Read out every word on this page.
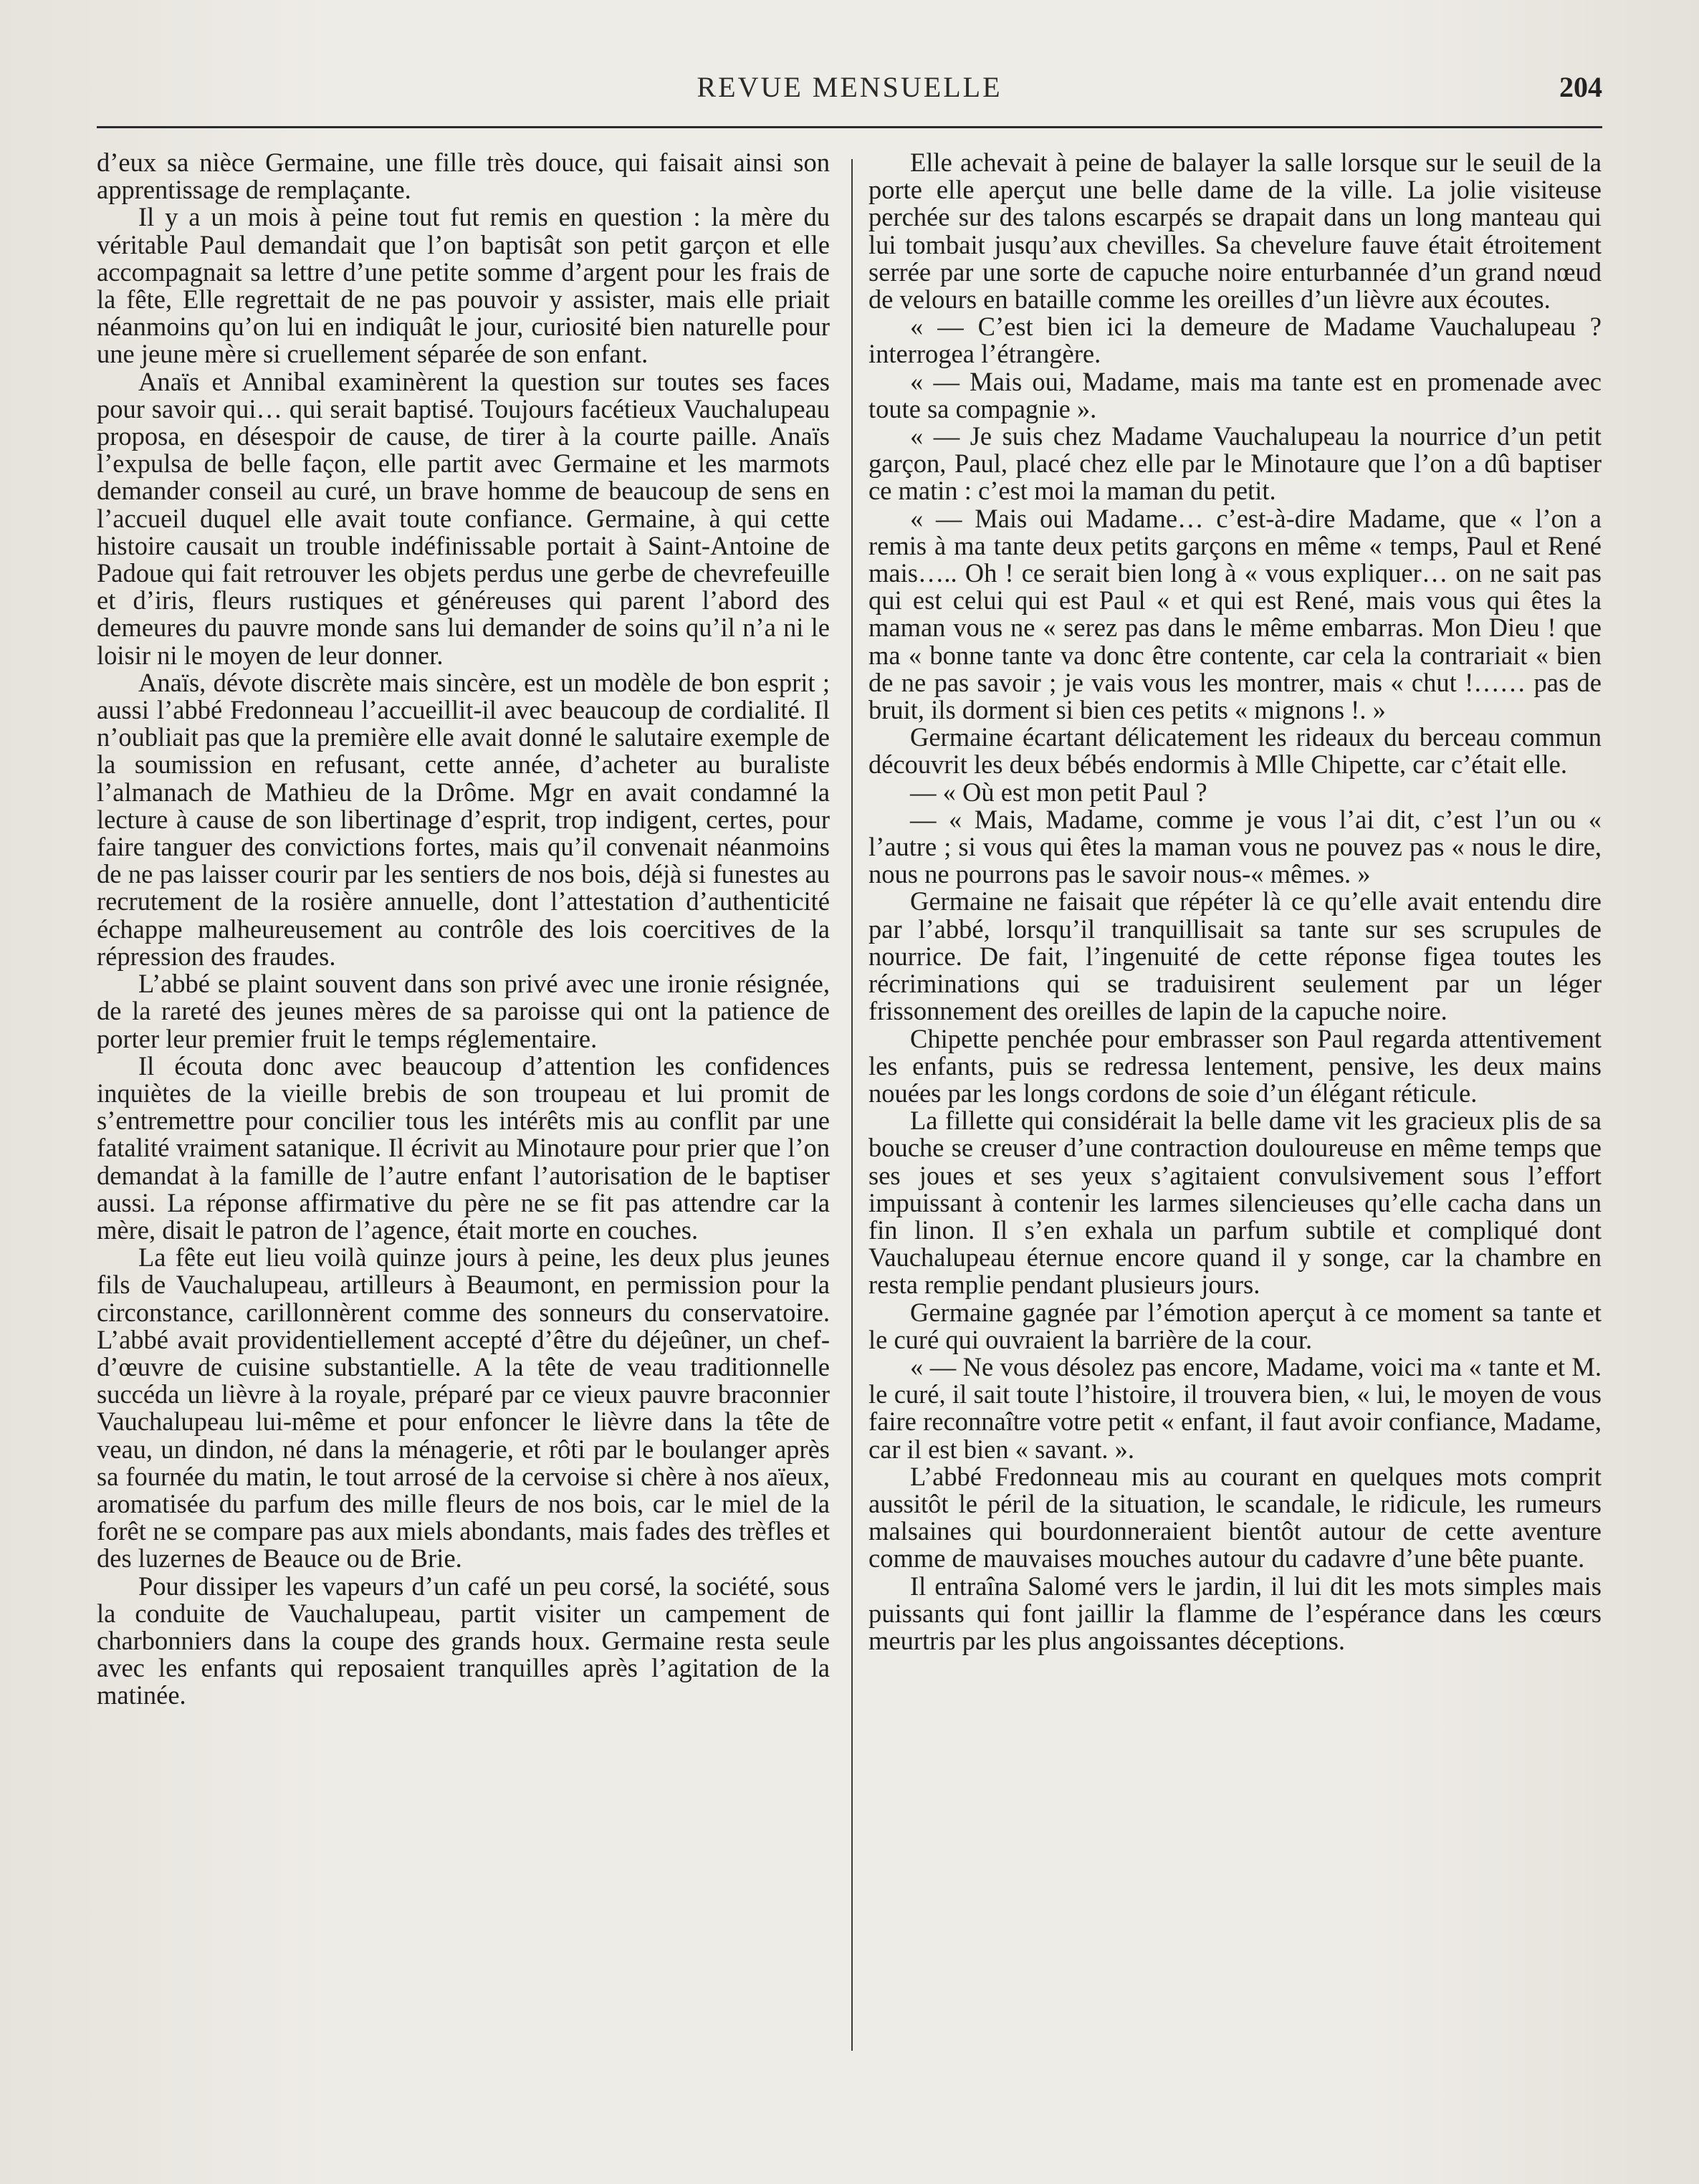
REVUE MENSUELLE	204

d’eux sa nièce Germaine, une fille très douce, qui faisait ainsi son apprentissage de remplaçante.

Il y a un mois à peine tout fut remis en question : la mère du véritable Paul demandait que l’on baptisât son petit garçon et elle accompagnait sa lettre d’une petite somme d’argent pour les frais de la fête, Elle regrettait de ne pas pouvoir y assister, mais elle priait néanmoins qu’on lui en indiquât le jour, curiosité bien naturelle pour une jeune mère si cruellement séparée de son enfant.

Anaïs et Annibal examinèrent la question sur toutes ses faces pour savoir qui… qui serait baptisé. Toujours facétieux Vauchalupeau proposa, en désespoir de cause, de tirer à la courte paille. Anaïs l’expulsa de belle façon, elle partit avec Germaine et les marmots demander conseil au curé, un brave homme de beaucoup de sens en l’accueil duquel elle avait toute confiance. Germaine, à qui cette histoire causait un trouble indéfinissable portait à Saint-Antoine de Padoue qui fait retrouver les objets perdus une gerbe de chevrefeuille et d’iris, fleurs rustiques et généreuses qui parent l’abord des demeures du pauvre monde sans lui demander de soins qu’il n’a ni le loisir ni le moyen de leur donner.

Anaïs, dévote discrète mais sincère, est un modèle de bon esprit ; aussi l’abbé Fredonneau l’accueillit-il avec beaucoup de cordialité. Il n’oubliait pas que la première elle avait donné le salutaire exemple de la soumission en refusant, cette année, d’acheter au buraliste l’almanach de Mathieu de la Drôme. Mgr en avait condamné la lecture à cause de son libertinage d’esprit, trop indigent, certes, pour faire tanguer des convictions fortes, mais qu’il convenait néanmoins de ne pas laisser courir par les sentiers de nos bois, déjà si funestes au recrutement de la rosière annuelle, dont l’attestation d’authenticité échappe malheureusement au contrôle des lois coercitives de la répression des fraudes.

L’abbé se plaint souvent dans son privé avec une ironie résignée, de la rareté des jeunes mères de sa paroisse qui ont la patience de porter leur premier fruit le temps réglementaire.

Il écouta donc avec beaucoup d’attention les confidences inquiètes de la vieille brebis de son troupeau et lui promit de s’entremettre pour concilier tous les intérêts mis au conflit par une fatalité vraiment satanique. Il écrivit au Minotaure pour prier que l’on demandat à la famille de l’autre enfant l’autorisation de le baptiser aussi. La réponse affirmative du père ne se fit pas attendre car la mère, disait le patron de l’agence, était morte en couches.

La fête eut lieu voilà quinze jours à peine, les deux plus jeunes fils de Vauchalupeau, artilleurs à Beaumont, en permission pour la circonstance, carillonnèrent comme des sonneurs du conservatoire. L’abbé avait providentiellement accepté d’être du déjeûner, un chef-d’œuvre de cuisine substantielle. A la tête de veau traditionnelle succéda un lièvre à la royale, préparé par ce vieux pauvre braconnier Vauchalupeau lui-même et pour enfoncer le lièvre dans la tête de veau, un dindon, né dans la ménagerie, et rôti par le boulanger après sa fournée du matin, le tout arrosé de la cervoise si chère à nos aïeux, aromatisée du parfum des mille fleurs de nos bois, car le miel de la forêt ne se compare pas aux miels abondants, mais fades des trèfles et des luzernes de Beauce ou de Brie.

Pour dissiper les vapeurs d’un café un peu corsé, la société, sous la conduite de Vauchalupeau, partit visiter un campement de charbonniers dans la coupe des grands houx. Germaine resta seule avec les enfants qui reposaient tranquilles après l’agitation de la matinée.

Elle achevait à peine de balayer la salle lorsque sur le seuil de la porte elle aperçut une belle dame de la ville. La jolie visiteuse perchée sur des talons escarpés se drapait dans un long manteau qui lui tombait jusqu’aux chevilles. Sa chevelure fauve était étroitement serrée par une sorte de capuche noire enturbannée d’un grand nœud de velours en bataille comme les oreilles d’un lièvre aux écoutes.

« — C’est bien ici la demeure de Madame Vauchalupeau ? interrogea l’étrangère.

« — Mais oui, Madame, mais ma tante est en promenade avec toute sa compagnie ».

« — Je suis chez Madame Vauchalupeau la nourrice d’un petit garçon, Paul, placé chez elle par le Minotaure que l’on a dû baptiser ce matin : c’est moi la maman du petit.

« — Mais oui Madame… c’est-à-dire Madame, que « l’on a remis à ma tante deux petits garçons en même « temps, Paul et René mais….. Oh ! ce serait bien long à « vous expliquer… on ne sait pas qui est celui qui est Paul « et qui est René, mais vous qui êtes la maman vous ne « serez pas dans le même embarras. Mon Dieu ! que ma « bonne tante va donc être contente, car cela la contrariait « bien de ne pas savoir ; je vais vous les montrer, mais « chut !…… pas de bruit, ils dorment si bien ces petits « mignons !. »

Germaine écartant délicatement les rideaux du berceau commun découvrit les deux bébés endormis à Mlle Chipette, car c’était elle.

— « Où est mon petit Paul ?

— « Mais, Madame, comme je vous l’ai dit, c’est l’un ou « l’autre ; si vous qui êtes la maman vous ne pouvez pas « nous le dire, nous ne pourrons pas le savoir nous-« mêmes. »

Germaine ne faisait que répéter là ce qu’elle avait entendu dire par l’abbé, lorsqu’il tranquillisait sa tante sur ses scrupules de nourrice. De fait, l’ingenuité de cette réponse figea toutes les récriminations qui se traduisirent seulement par un léger frissonnement des oreilles de lapin de la capuche noire.

Chipette penchée pour embrasser son Paul regarda attentivement les enfants, puis se redressa lentement, pensive, les deux mains nouées par les longs cordons de soie d’un élégant réticule.

La fillette qui considérait la belle dame vit les gracieux plis de sa bouche se creuser d’une contraction douloureuse en même temps que ses joues et ses yeux s’agitaient convulsivement sous l’effort impuissant à contenir les larmes silencieuses qu’elle cacha dans un fin linon. Il s’en exhala un parfum subtile et compliqué dont Vauchalupeau éternue encore quand il y songe, car la chambre en resta remplie pendant plusieurs jours.

Germaine gagnée par l’émotion aperçut à ce moment sa tante et le curé qui ouvraient la barrière de la cour.

« — Ne vous désolez pas encore, Madame, voici ma « tante et M. le curé, il sait toute l’histoire, il trouvera bien, « lui, le moyen de vous faire reconnaître votre petit « enfant, il faut avoir confiance, Madame, car il est bien « savant. ».

L’abbé Fredonneau mis au courant en quelques mots comprit aussitôt le péril de la situation, le scandale, le ridicule, les rumeurs malsaines qui bourdonneraient bientôt autour de cette aventure comme de mauvaises mouches autour du cadavre d’une bête puante.

Il entraîna Salomé vers le jardin, il lui dit les mots simples mais puissants qui font jaillir la flamme de l’espérance dans les cœurs meurtris par les plus angoissantes déceptions.
